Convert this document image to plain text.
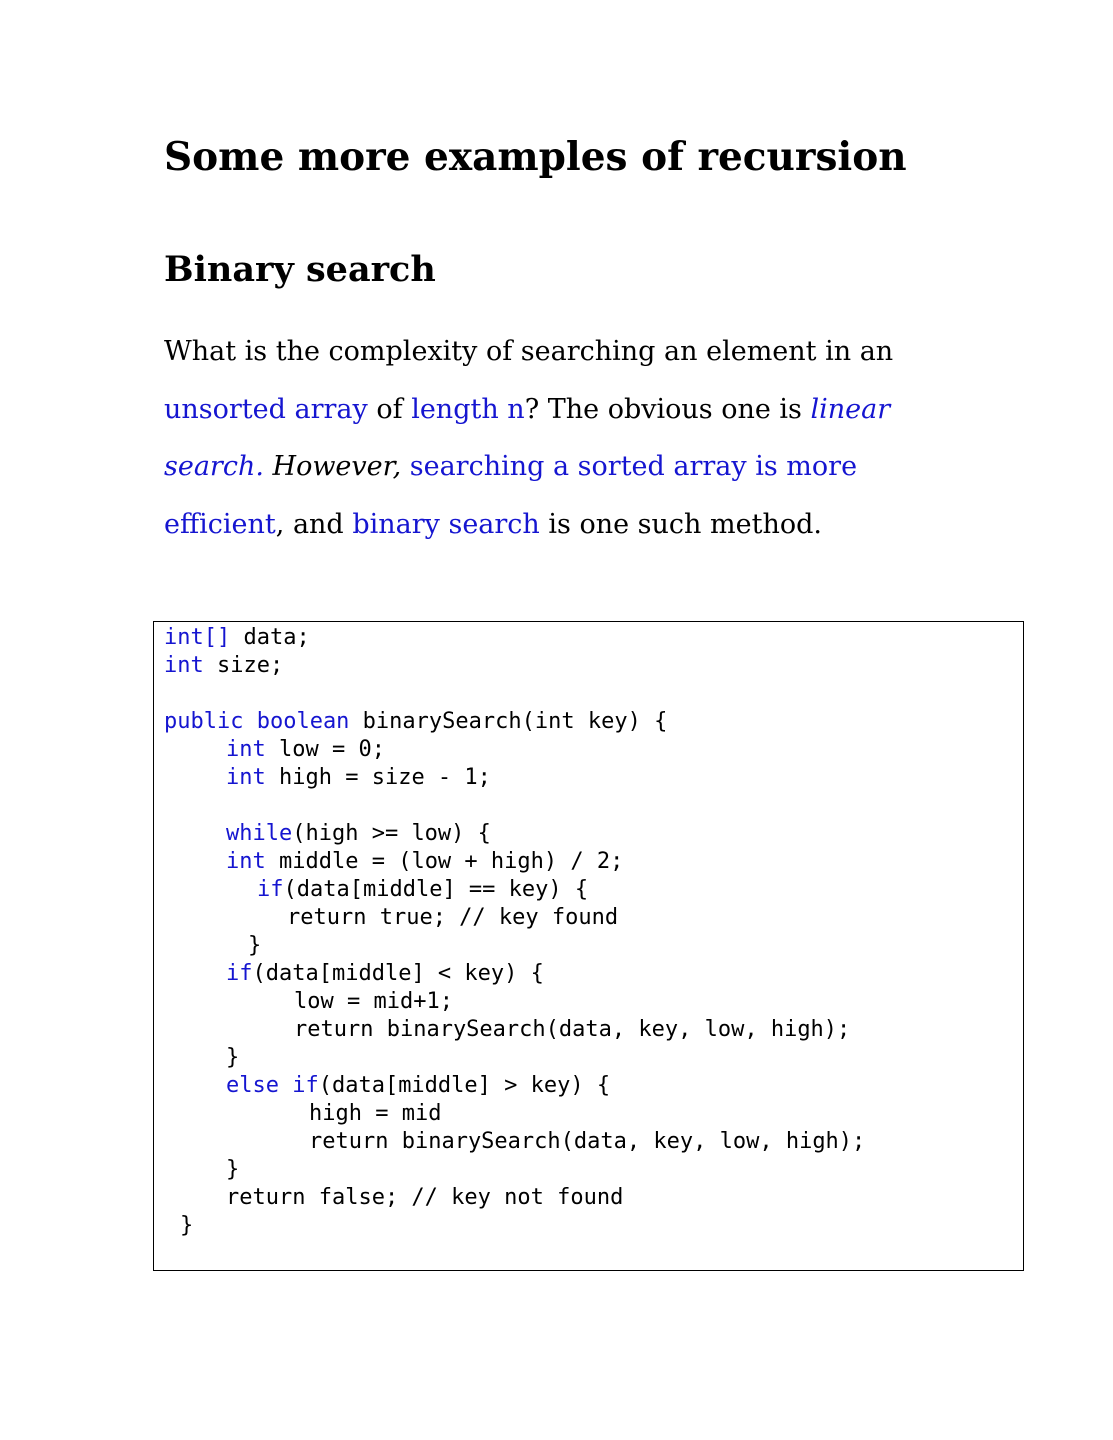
Some more examples of recursion
Binary search

What is the complexity of searching an element in an
unsorted array of length n? The obvious one is linear
search. However, searching a sorted array is more
efficient, and binary search is one such method.

int[] data;
int size;
public boolean binarySearch(int key) {
int low = 0;
int high = size - 1;
while(high >= low) {
int middle = (low + high) / 2;
if(data[middle] == key) {
return true; // key found
}
if(data[middle] < key) {
low = mid+1;
return binarySearch(data, key, low, high);
}
else if(data[middle] > key) {
high = mid
return binarySearch(data, key, low, high);
}
return false; // key not found
}
